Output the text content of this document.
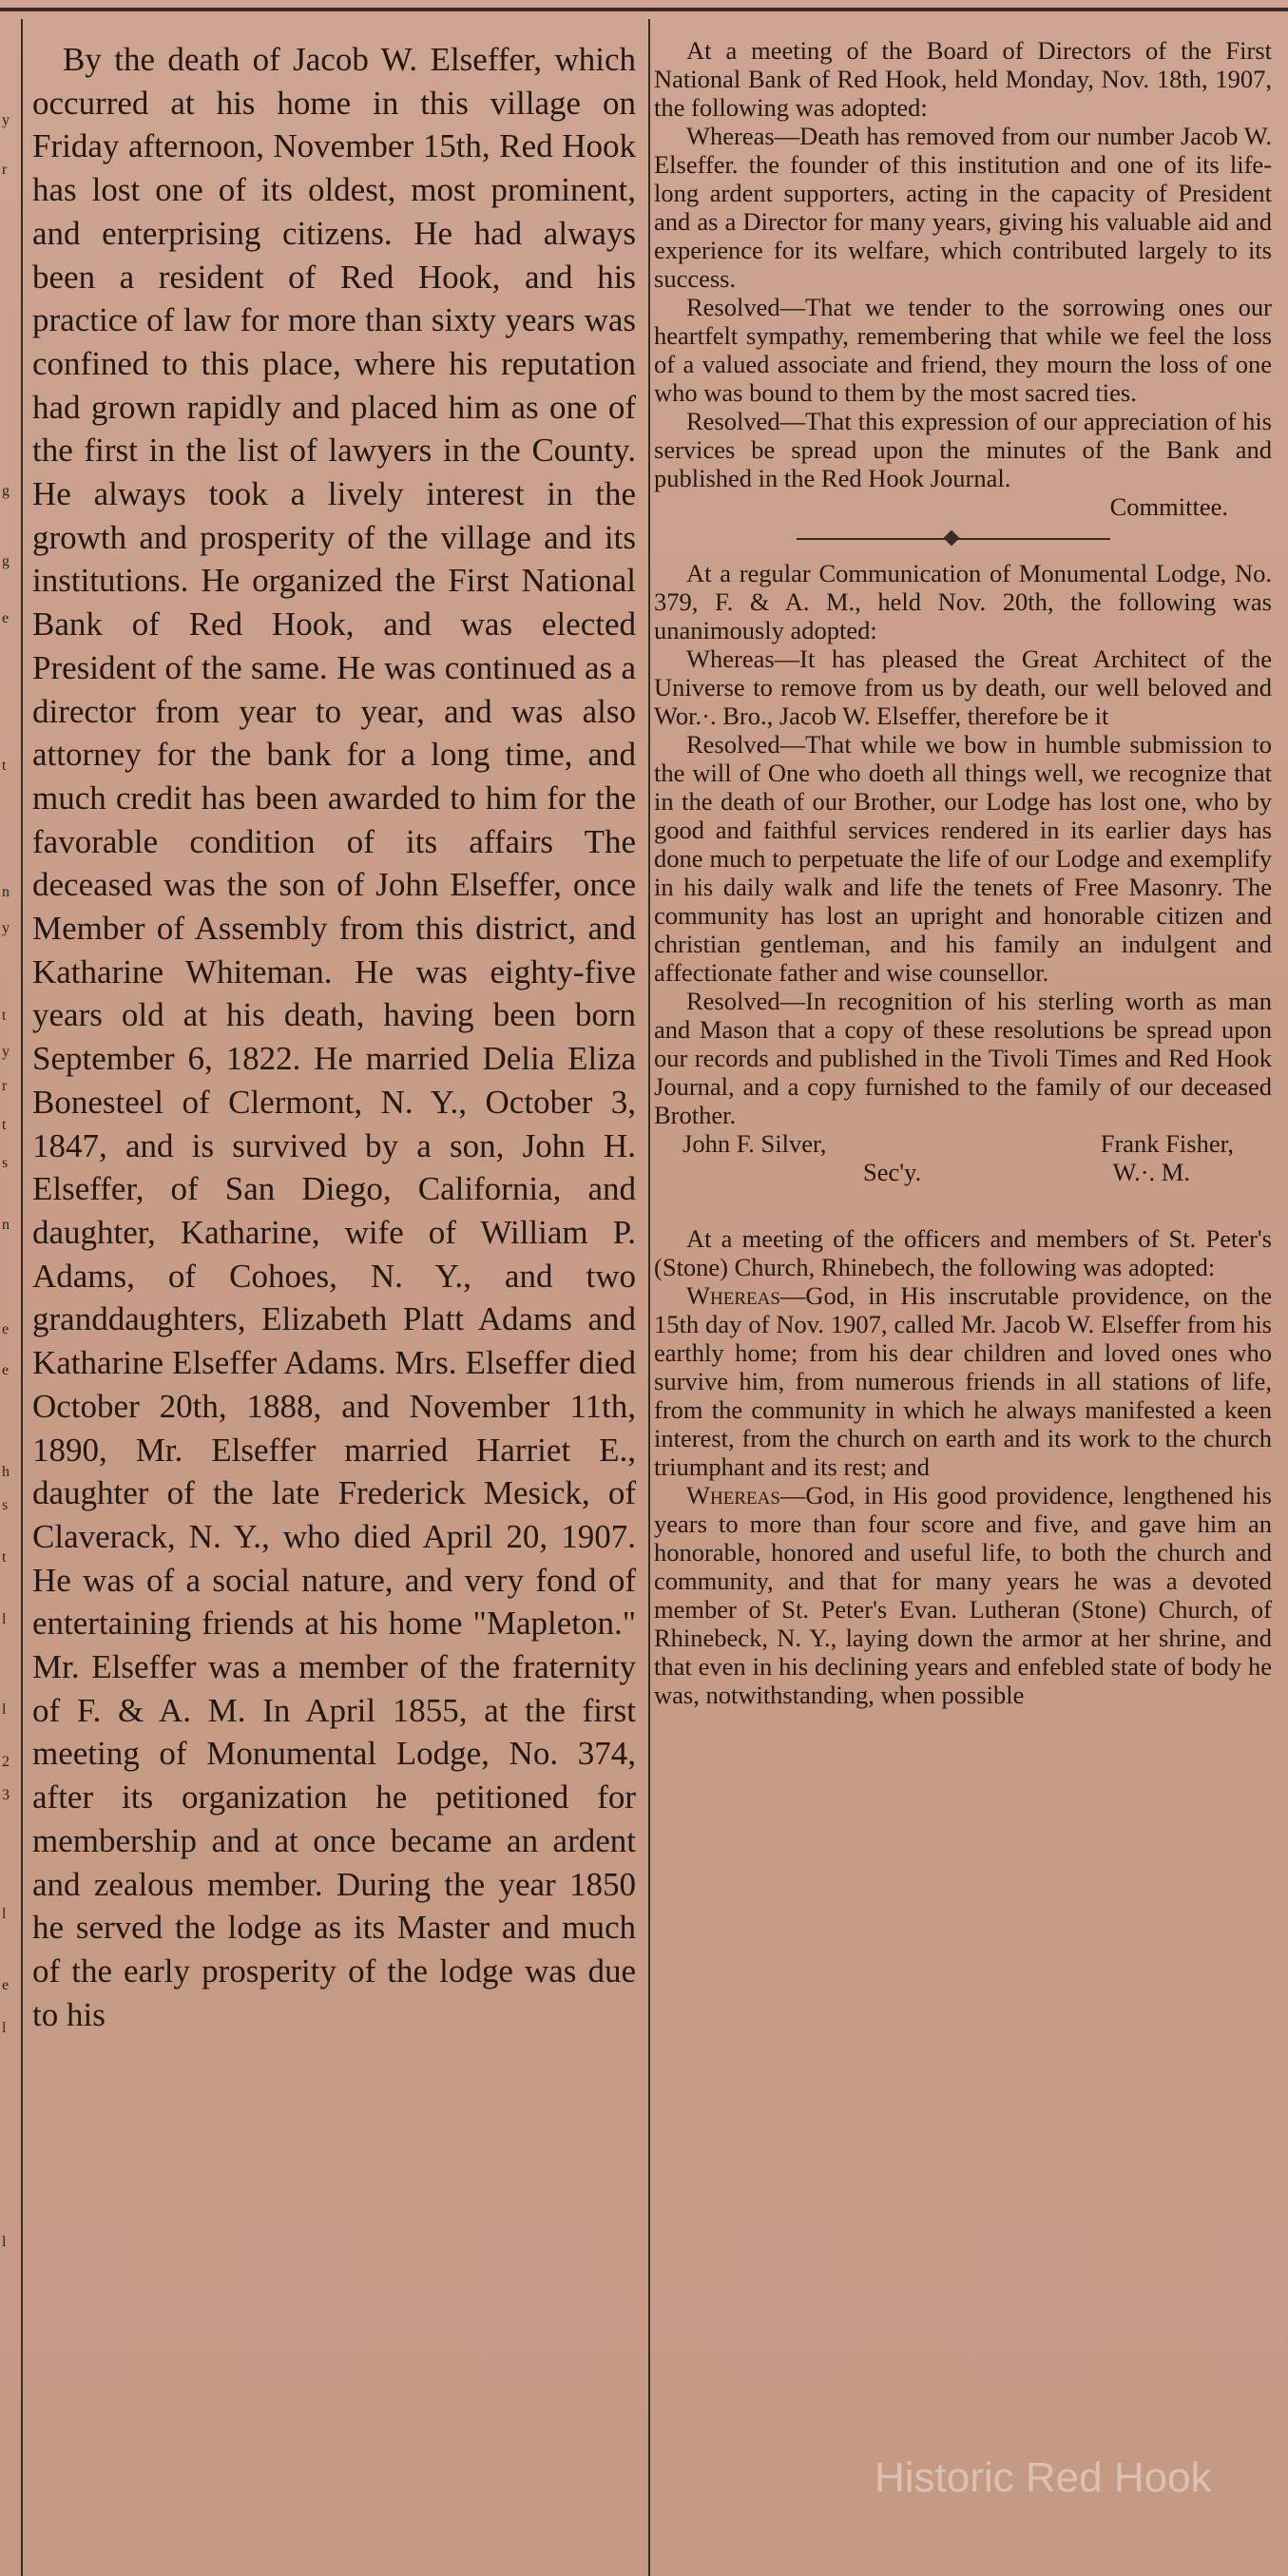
y
r
g
g
e
t
n
y
t
y
r
t
s
n
e
e
h
s
t
l
l
2
3
l
e
l
l

By the death of Jacob W. Elseffer, which occurred at his home in this village on Friday afternoon, November 15th, Red Hook has lost one of its oldest, most prominent, and enterprising citizens. He had always been a resident of Red Hook, and his practice of law for more than sixty years was confined to this place, where his reputation had grown rapidly and placed him as one of the first in the list of lawyers in the County. He always took a lively interest in the growth and prosperity of the village and its institutions. He organized the First National Bank of Red Hook, and was elected President of the same. He was continued as a director from year to year, and was also attorney for the bank for a long time, and much credit has been awarded to him for the favorable condition of its affairs The deceased was the son of John Elseffer, once Member of Assembly from this district, and Katharine Whiteman. He was eighty-five years old at his death, having been born September 6, 1822. He married Delia Eliza Bonesteel of Clermont, N. Y., October 3, 1847, and is survived by a son, John H. Elseffer, of San Diego, California, and daughter, Katharine, wife of William P. Adams, of Cohoes, N. Y., and two granddaughters, Elizabeth Platt Adams and Katharine Elseffer Adams. Mrs. Elseffer died October 20th, 1888, and November 11th, 1890, Mr. Elseffer married Harriet E., daughter of the late Frederick Mesick, of Claverack, N. Y., who died April 20, 1907. He was of a social nature, and very fond of entertaining friends at his home "Mapleton." Mr. Elseffer was a member of the fraternity of F. & A. M. In April 1855, at the first meeting of Monumental Lodge, No. 374, after its organization he petitioned for membership and at once became an ardent and zealous member. During the year 1850 he served the lodge as its Master and much of the early prosperity of the lodge was due to his

At a meeting of the Board of Directors of the First National Bank of Red Hook, held Monday, Nov. 18th, 1907, the following was adopted:

Whereas—Death has removed from our number Jacob W. Elseffer. the founder of this institution and one of its life-long ardent supporters, acting in the capacity of President and as a Director for many years, giving his valuable aid and experience for its welfare, which contributed largely to its success.

Resolved—That we tender to the sorrowing ones our heartfelt sympathy, remembering that while we feel the loss of a valued associate and friend, they mourn the loss of one who was bound to them by the most sacred ties.

Resolved—That this expression of our appreciation of his services be spread upon the minutes of the Bank and published in the Red Hook Journal.

Committee.

At a regular Communication of Monumental Lodge, No. 379, F. & A. M., held Nov. 20th, the following was unanimously adopted:

Whereas—It has pleased the Great Architect of the Universe to remove from us by death, our well beloved and Wor.·. Bro., Jacob W. Elseffer, therefore be it

Resolved—That while we bow in humble submission to the will of One who doeth all things well, we recognize that in the death of our Brother, our Lodge has lost one, who by good and faithful services rendered in its earlier days has done much to perpetuate the life of our Lodge and exemplify in his daily walk and life the tenets of Free Masonry. The community has lost an upright and honorable citizen and christian gentleman, and his family an indulgent and affectionate father and wise counsellor.

Resolved—In recognition of his sterling worth as man and Mason that a copy of these resolutions be spread upon our records and published in the Tivoli Times and Red Hook Journal, and a copy furnished to the family of our deceased Brother.

John F. Silver,	Frank Fisher,
Sec'y.	W.·. M.

At a meeting of the officers and members of St. Peter's (Stone) Church, Rhinebech, the following was adopted:

Whereas—God, in His inscrutable providence, on the 15th day of Nov. 1907, called Mr. Jacob W. Elseffer from his earthly home; from his dear children and loved ones who survive him, from numerous friends in all stations of life, from the community in which he always manifested a keen interest, from the church on earth and its work to the church triumphant and its rest; and

Whereas—God, in His good providence, lengthened his years to more than four score and five, and gave him an honorable, honored and useful life, to both the church and community, and that for many years he was a devoted member of St. Peter's Evan. Lutheran (Stone) Church, of Rhinebeck, N. Y., laying down the armor at her shrine, and that even in his declining years and enfebled state of body he was, notwithstanding, when possible

Historic Red Hook
